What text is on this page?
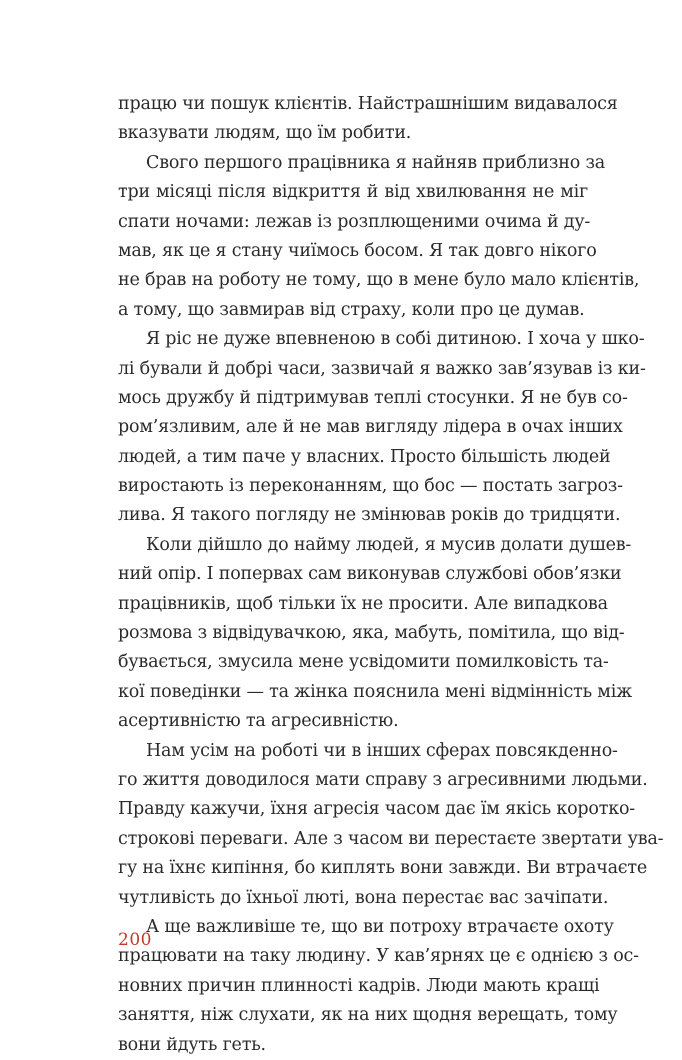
працю чи пошук клієнтів. Найстрашнішим видавалося
вказувати людям, що їм робити.
Свого першого працівника я найняв приблизно за
три місяці після відкриття й від хвилювання не міг
спати ночами: лежав із розплющеними очима й ду-
мав, як це я стану чиїмось босом. Я так довго нікого
не брав на роботу не тому, що в мене було мало клієнтів,
а тому, що завмирав від страху, коли про це думав.
Я ріс не дуже впевненою в собі дитиною. І хоча у шко-
лі бували й добрі часи, зазвичай я важко зав’язував із ки-
мось дружбу й підтримував теплі стосунки. Я не був со-
ром’язливим, але й не мав вигляду лідера в очах інших
людей, а тим паче у власних. Просто більшість людей
виростають із переконанням, що бос — постать загроз-
лива. Я такого погляду не змінював років до тридцяти.
Коли дійшло до найму людей, я мусив долати душев-
ний опір. І попервах сам виконував службові обов’язки
працівників, щоб тільки їх не просити. Але випадкова
розмова з відвідувачкою, яка, мабуть, помітила, що від-
бувається, змусила мене усвідомити помилковість та-
кої поведінки — та жінка пояснила мені відмінність між
асертивністю та агресивністю.
Нам усім на роботі чи в інших сферах повсякденно-
го життя доводилося мати справу з агресивними людьми.
Правду кажучи, їхня агресія часом дає їм якісь коротко-
строкові переваги. Але з часом ви перестаєте звертати ува-
гу на їхнє кипіння, бо киплять вони завжди. Ви втрачаєте
чутливість до їхньої люті, вона перестає вас зачіпати.
А ще важливіше те, що ви потроху втрачаєте охоту
працювати на таку людину. У кав’ярнях це є однією з ос-
новних причин плинності кадрів. Люди мають кращі
заняття, ніж слухати, як на них щодня верещать, тому
вони йдуть геть.
200
